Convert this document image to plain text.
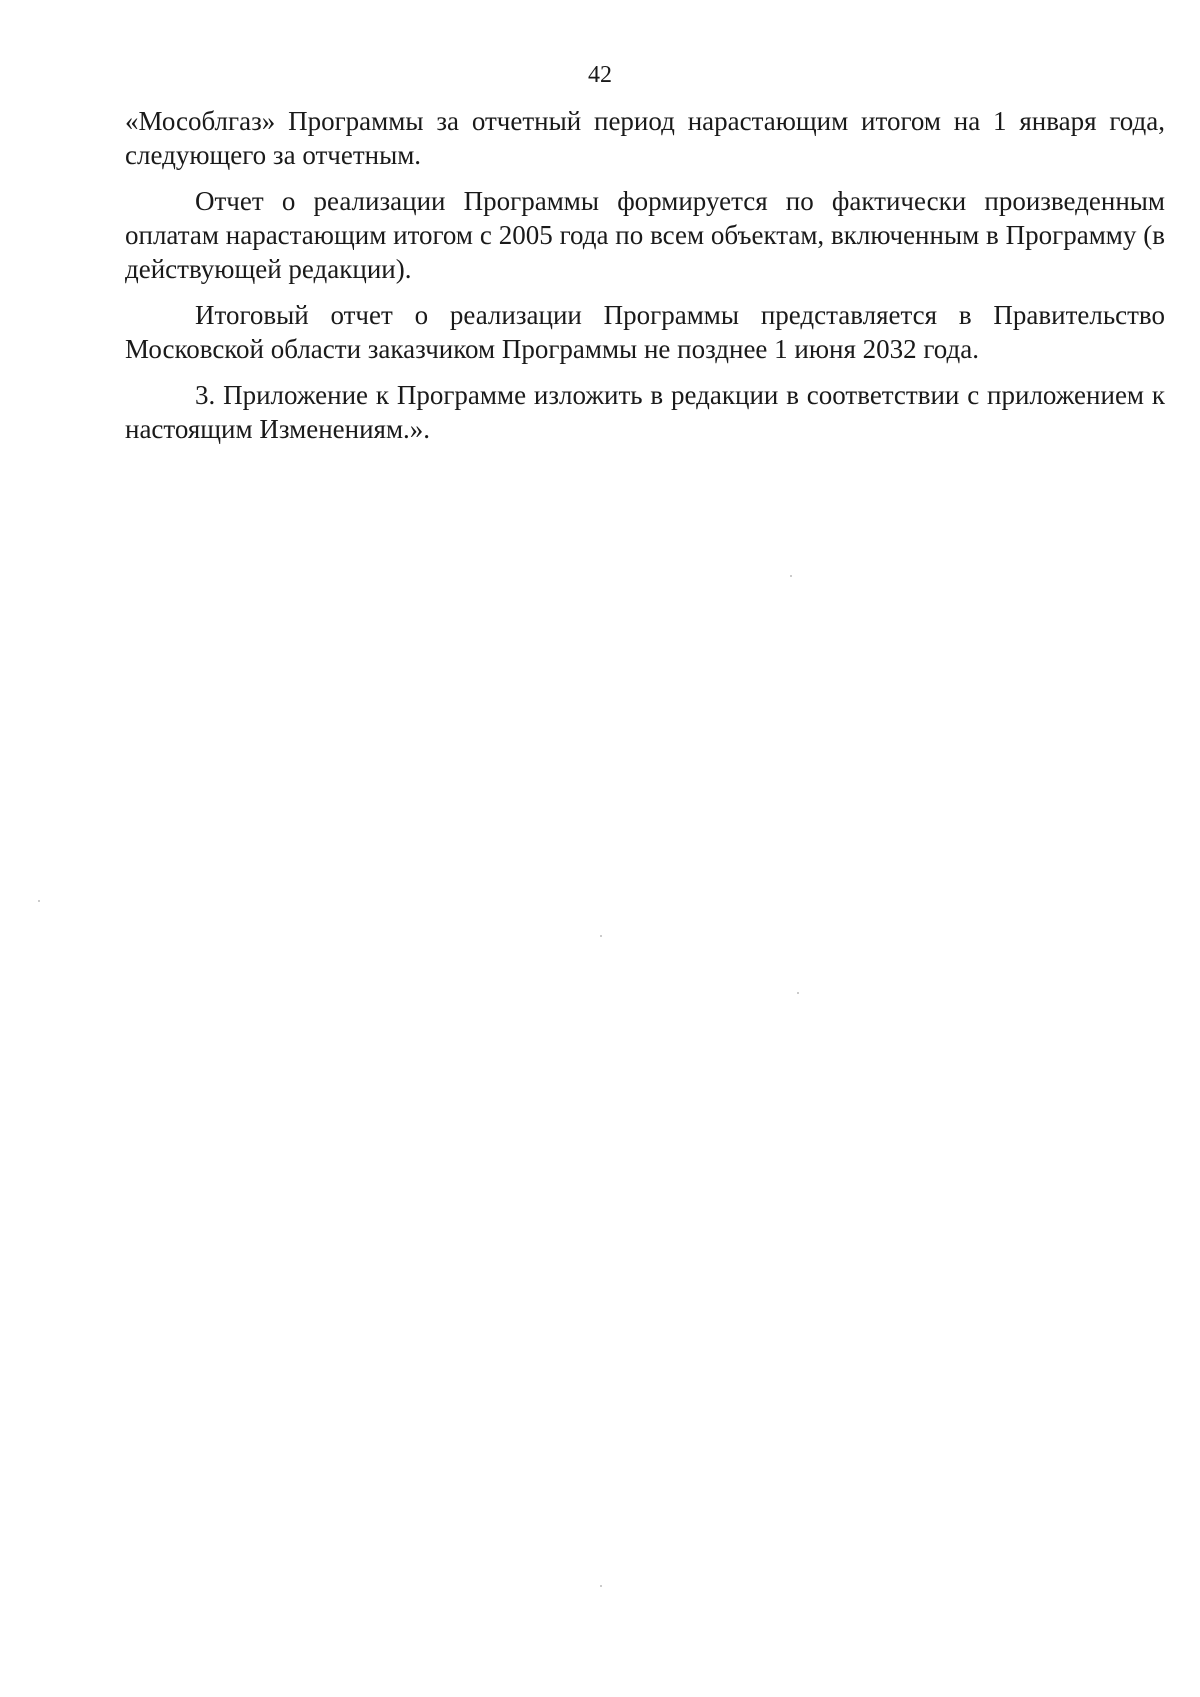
42

«Мособлгаз» Программы за отчетный период нарастающим итогом на 1 января года, следующего за отчетным.

Отчет о реализации Программы формируется по фактически произведенным оплатам нарастающим итогом с 2005 года по всем объектам, включенным в Программу (в действующей редакции).

Итоговый отчет о реализации Программы представляется в Правительство Московской области заказчиком Программы не позднее 1 июня 2032 года.

3. Приложение к Программе изложить в редакции в соответствии с приложением к настоящим Изменениям.».
